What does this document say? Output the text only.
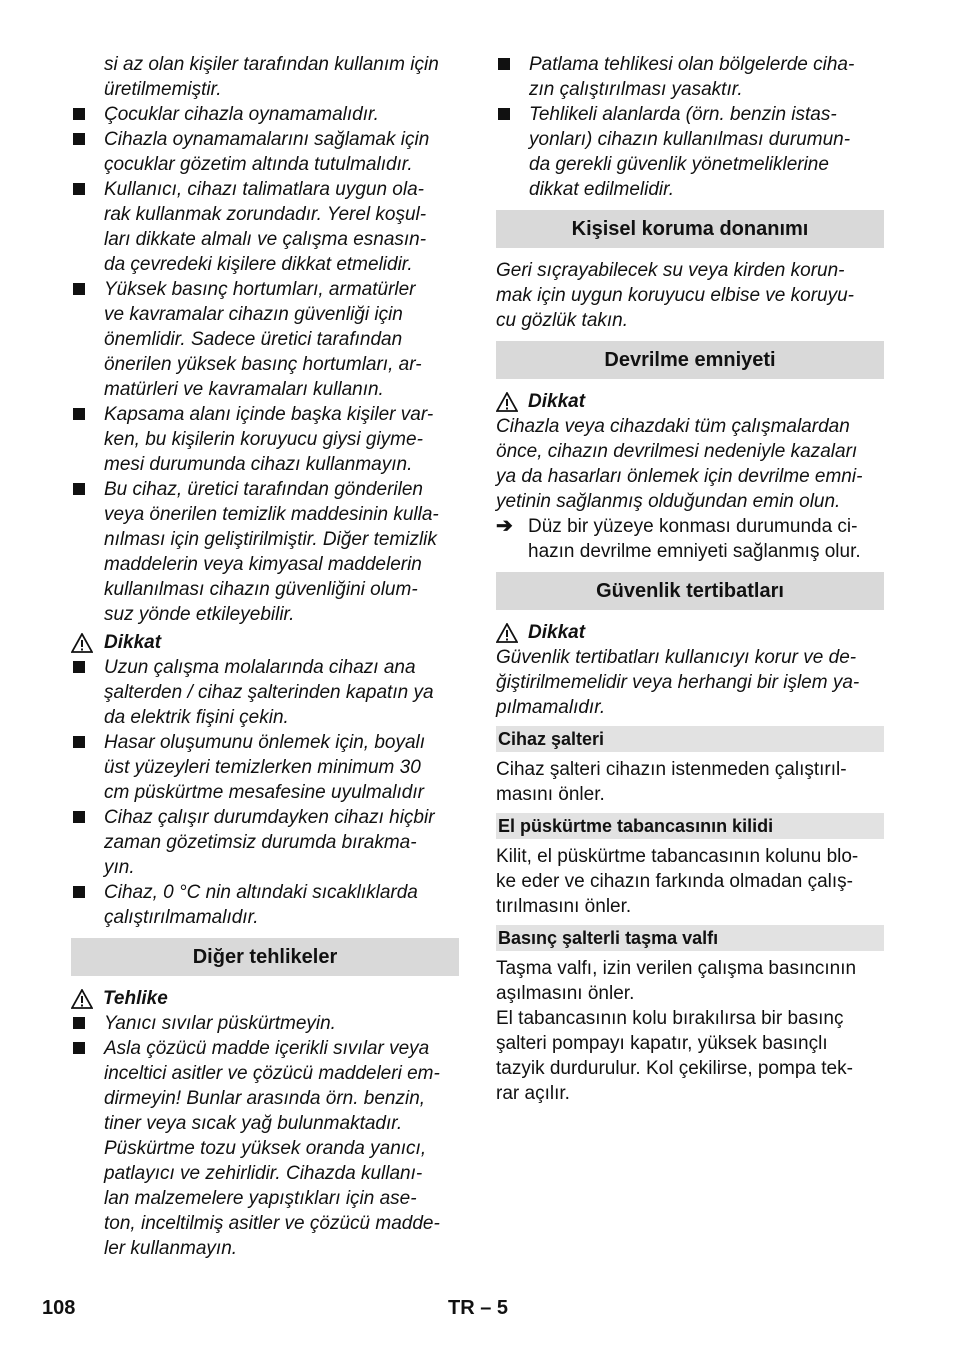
si az olan kişiler tarafından kullanım için
üretilmemiştir.
Çocuklar cihazla oynamamalıdır.
Cihazla oynamamalarını sağlamak için
çocuklar gözetim altında tutulmalıdır.
Kullanıcı, cihazı talimatlara uygun ola-
rak kullanmak zorundadır. Yerel koşul-
ları dikkate almalı ve çalışma esnasın-
da çevredeki kişilere dikkat etmelidir.
Yüksek basınç hortumları, armatürler
ve kavramalar cihazın güvenliği için
önemlidir. Sadece üretici tarafından
önerilen yüksek basınç hortumları, ar-
matürleri ve kavramaları kullanın.
Kapsama alanı içinde başka kişiler var-
ken, bu kişilerin koruyucu giysi giyme-
mesi durumunda cihazı kullanmayın.
Bu cihaz, üretici tarafından gönderilen
veya önerilen temizlik maddesinin kulla-
nılması için geliştirilmiştir. Diğer temizlik
maddelerin veya kimyasal maddelerin
kullanılması cihazın güvenliğini olum-
suz yönde etkileyebilir.
Dikkat
Uzun çalışma molalarında cihazı ana
şalterden / cihaz şalterinden kapatın ya
da elektrik fişini çekin.
Hasar oluşumunu önlemek için, boyalı
üst yüzeyleri temizlerken minimum 30
cm püskürtme mesafesine uyulmalıdır
Cihaz çalışır durumdayken cihazı hiçbir
zaman gözetimsiz durumda bırakma-
yın.
Cihaz, 0 °C nin altındaki sıcaklıklarda
çalıştırılmamalıdır.
Diğer tehlikeler
Tehlike
Yanıcı sıvılar püskürtmeyin.
Asla çözücü madde içerikli sıvılar veya
inceltici asitler ve çözücü maddeleri em-
dirmeyin! Bunlar arasında örn. benzin,
tiner veya sıcak yağ bulunmaktadır.
Püskürtme tozu yüksek oranda yanıcı,
patlayıcı ve zehirlidir. Cihazda kullanı-
lan malzemelere yapıştıkları için ase-
ton, inceltilmiş asitler ve çözücü madde-
ler kullanmayın.
Patlama tehlikesi olan bölgelerde ciha-
zın çalıştırılması yasaktır.
Tehlikeli alanlarda (örn. benzin istas-
yonları) cihazın kullanılması durumun-
da gerekli güvenlik yönetmeliklerine
dikkat edilmelidir.
Kişisel koruma donanımı
Geri sıçrayabilecek su veya kirden korun-
mak için uygun koruyucu elbise ve koruyu-
cu gözlük takın.
Devrilme emniyeti
Dikkat
Cihazla veya cihazdaki tüm çalışmalardan
önce, cihazın devrilmesi nedeniyle kazaları
ya da hasarları önlemek için devrilme emni-
yetinin sağlanmış olduğundan emin olun.
➔ Düz bir yüzeye konması durumunda ci-
hazın devrilme emniyeti sağlanmış olur.
Güvenlik tertibatları
Dikkat
Güvenlik tertibatları kullanıcıyı korur ve de-
ğiştirilmemelidir veya herhangi bir işlem ya-
pılmamalıdır.
Cihaz şalteri
Cihaz şalteri cihazın istenmeden çalıştırıl-
masını önler.
El püskürtme tabancasının kilidi
Kilit, el püskürtme tabancasının kolunu blo-
ke eder ve cihazın farkında olmadan çalış-
tırılmasını önler.
Basınç şalterli taşma valfı
Taşma valfı, izin verilen çalışma basıncının
aşılmasını önler.
El tabancasının kolu bırakılırsa bir basınç
şalteri pompayı kapatır, yüksek basınçlı
tazyik durdurulur. Kol çekilirse, pompa tek-
rar açılır.
108	TR – 5
